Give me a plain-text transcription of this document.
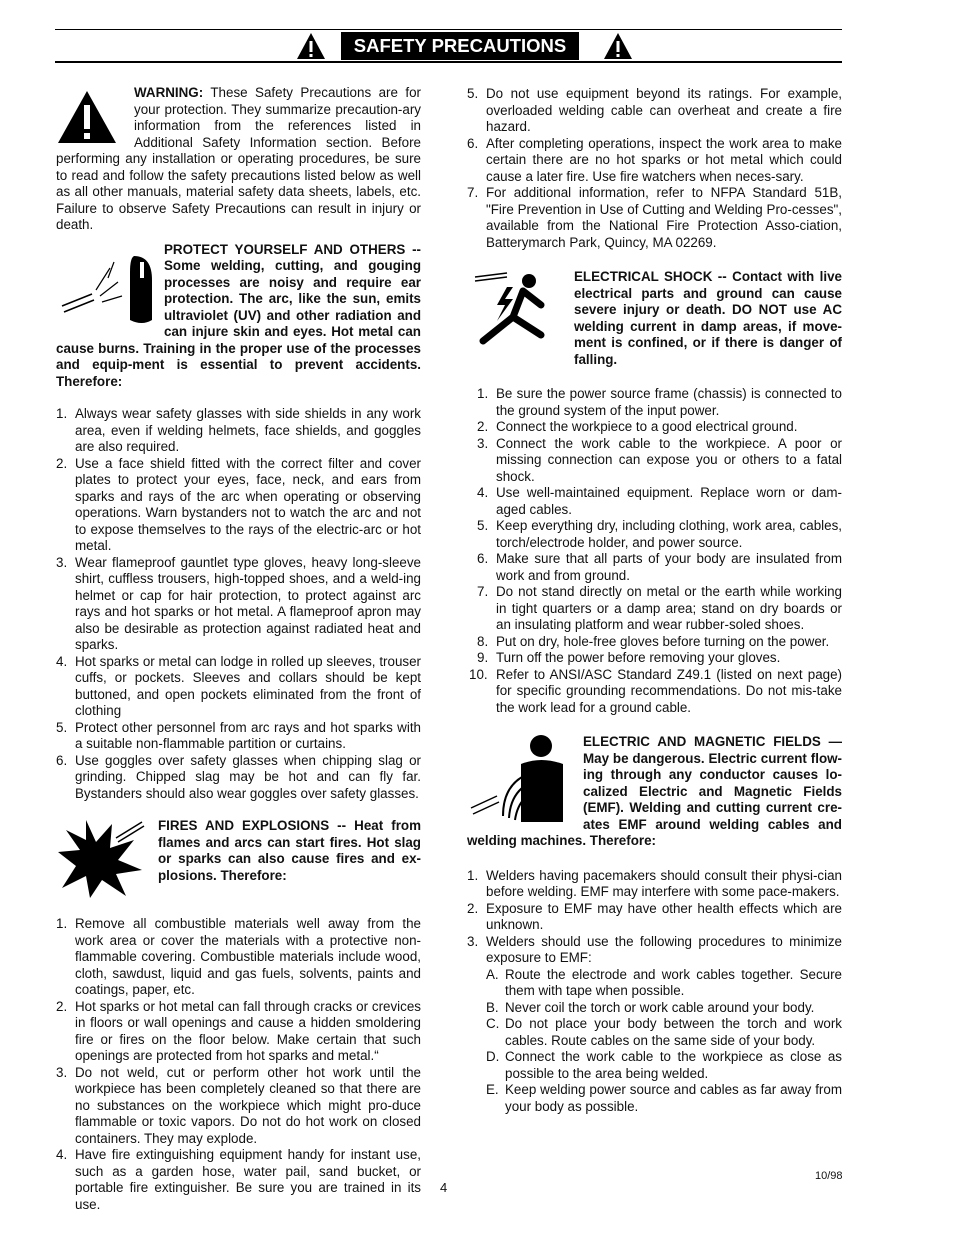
SAFETY PRECAUTIONS

WARNING: These Safety Precautions are for your protection. They summarize precaution-ary information from the references listed in Additional Safety Information section. Before performing any installation or operating procedures, be sure to read and follow the safety precautions listed below as well as all other manuals, material safety data sheets, labels, etc. Failure to observe Safety Precautions can result in injury or death.

PROTECT YOURSELF AND OTHERS -- Some welding, cutting, and gouging processes are noisy and require ear protection. The arc, like the sun, emits ultraviolet (UV) and other radiation and can injure skin and eyes. Hot metal can cause burns. Training in the proper use of the processes and equip-ment is essential to prevent accidents. Therefore:

1. Always wear safety glasses with side shields in any work area, even if welding helmets, face shields, and goggles are also required.
2. Use a face shield fitted with the correct filter and cover plates to protect your eyes, face, neck, and ears from sparks and rays of the arc when operating or observing operations. Warn bystanders not to watch the arc and not to expose themselves to the rays of the electric-arc or hot metal.
3. Wear flameproof gauntlet type gloves, heavy long-sleeve shirt, cuffless trousers, high-topped shoes, and a weld-ing helmet or cap for hair protection, to protect against arc rays and hot sparks or hot metal. A flameproof apron may also be desirable as protection against radiated heat and sparks.
4. Hot sparks or metal can lodge in rolled up sleeves, trouser cuffs, or pockets. Sleeves and collars should be kept buttoned, and open pockets eliminated from the front of clothing
5. Protect other personnel from arc rays and hot sparks with a suitable non-flammable partition or curtains.
6. Use goggles over safety glasses when chipping slag or grinding. Chipped slag may be hot and can fly far. Bystanders should also wear goggles over safety glasses.

FIRES AND EXPLOSIONS -- Heat from flames and arcs can start fires. Hot slag or sparks can also cause fires and ex-plosions. Therefore:

1. Remove all combustible materials well away from the work area or cover the materials with a protective non-flammable covering. Combustible materials include wood, cloth, sawdust, liquid and gas fuels, solvents, paints and coatings, paper, etc.
2. Hot sparks or hot metal can fall through cracks or crevices in floors or wall openings and cause a hidden smoldering fire or fires on the floor below. Make certain that such openings are protected from hot sparks and metal.“
3. Do not weld, cut or perform other hot work until the workpiece has been completely cleaned so that there are no substances on the workpiece which might pro-duce flammable or toxic vapors. Do not do hot work on closed containers. They may explode.
4. Have fire extinguishing equipment handy for instant use, such as a garden hose, water pail, sand bucket, or portable fire extinguisher. Be sure you are trained in its use.
5. Do not use equipment beyond its ratings. For example, overloaded welding cable can overheat and create a fire hazard.
6. After completing operations, inspect the work area to make certain there are no hot sparks or hot metal which could cause a later fire. Use fire watchers when neces-sary.
7. For additional information, refer to NFPA Standard 51B, "Fire Prevention in Use of Cutting and Welding Pro-cesses", available from the National Fire Protection Asso-ciation, Batterymarch Park, Quincy, MA 02269.

ELECTRICAL SHOCK -- Contact with live electrical parts and ground can cause severe injury or death. DO NOT use AC welding current in damp areas, if move-ment is confined, or if there is danger of falling.

1. Be sure the power source frame (chassis) is connected to the ground system of the input power.
2. Connect the workpiece to a good electrical ground.
3. Connect the work cable to the workpiece. A poor or missing connection can expose you or others to a fatal shock.
4. Use well-maintained equipment. Replace worn or dam-aged cables.
5. Keep everything dry, including clothing, work area, cables, torch/electrode holder, and power source.
6. Make sure that all parts of your body are insulated from work and from ground.
7. Do not stand directly on metal or the earth while working in tight quarters or a damp area; stand on dry boards or an insulating platform and wear rubber-soled shoes.
8. Put on dry, hole-free gloves before turning on the power.
9. Turn off the power before removing your gloves.
10. Refer to ANSI/ASC Standard Z49.1 (listed on next page) for specific grounding recommendations. Do not mis-take the work lead for a ground cable.

ELECTRIC AND MAGNETIC FIELDS — May be dangerous. Electric current flow-ing through any conductor causes lo-calized Electric and Magnetic Fields (EMF). Welding and cutting current cre-ates EMF around welding cables and welding machines. Therefore:

1. Welders having pacemakers should consult their physi-cian before welding. EMF may interfere with some pace-makers.
2. Exposure to EMF may have other health effects which are unknown.
3. Welders should use the following procedures to minimize exposure to EMF:
A. Route the electrode and work cables together. Secure them with tape when possible.
B. Never coil the torch or work cable around your body.
C. Do not place your body between the torch and work cables. Route cables on the same side of your body.
D. Connect the work cable to the workpiece as close as possible to the area being welded.
E. Keep welding power source and cables as far away from your body as possible.
10/98
4
